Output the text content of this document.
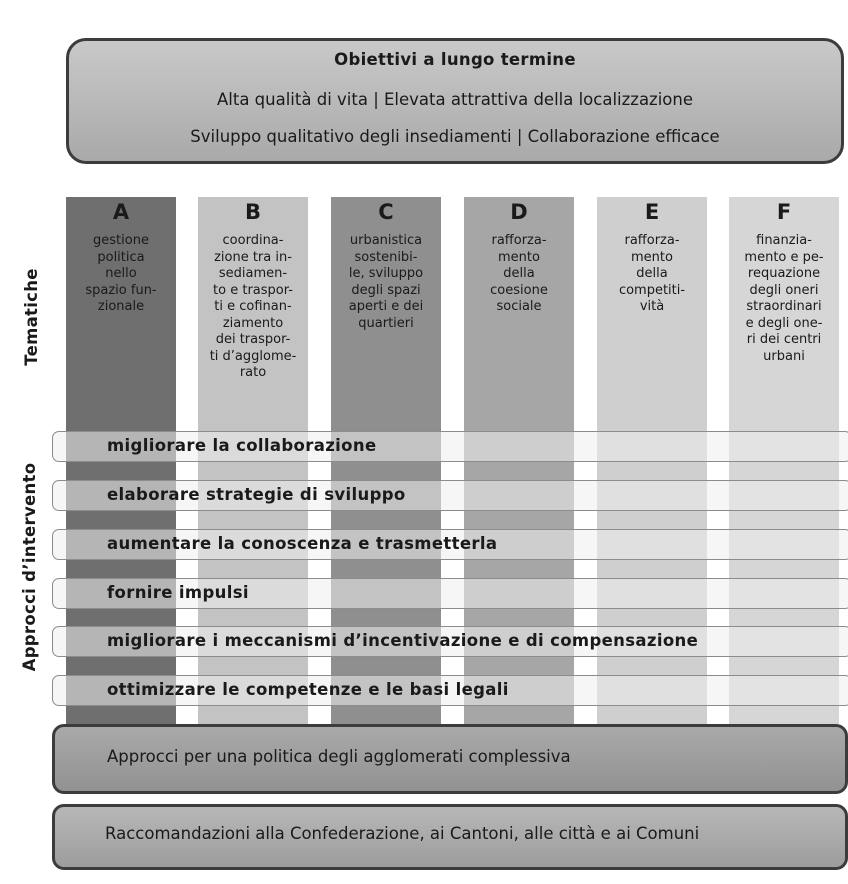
Obiettivi a lungo termine
Alta qualità di vita | Elevata attrattiva della localizzazione
Sviluppo qualitativo degli insediamenti | Collaborazione efficace
A
gestione
politica
nello
spazio fun-
zionale
B
coordina-
zione tra in-
sediamen-
to e traspor-
ti e cofinan-
ziamento
dei traspor-
ti d’agglome-
rato
C
urbanistica
sostenibi-
le, sviluppo
degli spazi
aperti e dei
quartieri
D
rafforza-
mento
della
coesione
sociale
E
rafforza-
mento
della
competiti-
vità
F
finanzia-
mento e pe-
requazione
degli oneri
straordinari
e degli one-
ri dei centri
urbani
migliorare la collaborazione
elaborare strategie di sviluppo
aumentare la conoscenza e trasmetterla
fornire impulsi
migliorare i meccanismi d’incentivazione e di compensazione
ottimizzare le competenze e le basi legali
Tematiche
Approcci d’intervento
Approcci per una politica degli agglomerati complessiva
Raccomandazioni alla Confederazione, ai Cantoni, alle città e ai Comuni
